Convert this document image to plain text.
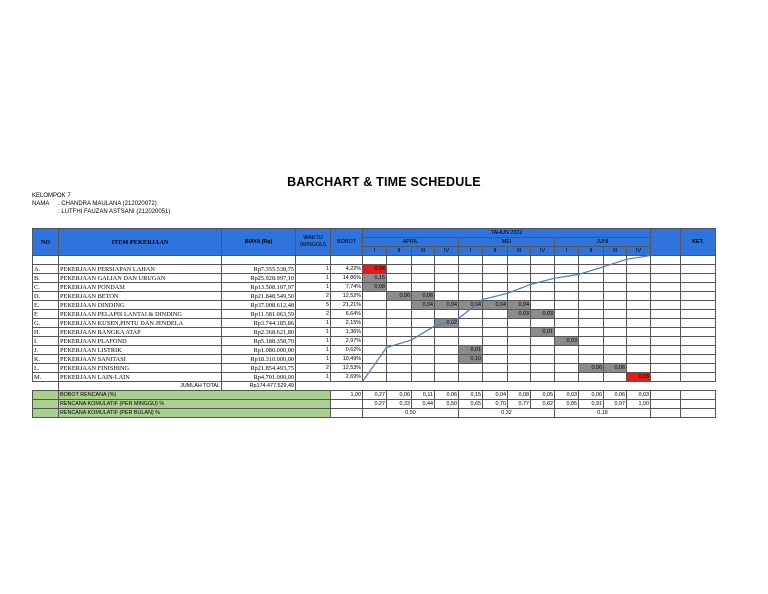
BARCHART & TIME SCHEDULE
KELOMPOK 7
NAMA : CHANDRA MAULANA (212020072)
: LUTFHI FAUZAN ASTSANI (212020051)
NO	ITEM PEKERJAAN	BIAYA (Rp)	WAKTU (MINGGU)	BOBOT	TAHUN 2022													KET.
					APRIL				MEI				JUNI					
					I	II	III	IV	I	II	III	IV	I	II	III	IV		

A.	PEKERJAAN PERSIAPAN LAHAN	Rp7.355.538,75	1	4,22%	0,04													
B.	PEKERJAAN GALIAN DAN URUGAN	Rp25.928.997,10	1	14,86%	0,15													
C.	PEKERJAAN PONDASI	Rp13.508.107,97	1	7,74%	0,08													
D.	PEKERJAAN BETON	Rp21.848.549,50	2	12,52%		0,06	0,06											
E.	PEKERJAAN DINDING	Rp37.008.612,48	5	21,21%			0,04	0,04	0,04	0,04	0,04							
F.	PEKERJAAN PELAPIS LANTAI & DINDING	Rp11.581.063,59	2	6,64%							0,03	0,03						
G.	PEKERJAAN KUSEN,PINTU DAN JENDELA	Rp3.744.185,86	1	2,15%				0,02										
H.	PEKERJAAN RANGKA ATAP	Rp2.368.621,80	1	1,36%								0,01						
I.	PEKERJAAN PLAFOND	Rp5.188.358,70	1	2,97%									0,03					
J.	PEKERJAAN LISTRIK	Rp1.080.000,00	1	0,62%					0,01									
K.	PEKERJAAN SANITASI	Rp18.310.000,00	1	10,49%					0,10									
L.	PEKERJAAN FINISHING	Rp21.854.493,75	2	12,53%										0,06	0,06			
M.	PEKERJAAN LAIN-LAIN	Rp4.701.000,00	1	2,69%												0,03		
	JUMLAH TOTAL	Rp174.477.529,49																
	BOBOT RENCANA (%)			1,00	0,27	0,06	0,11	0,06	0,15	0,04	0,08	0,05	0,03	0,06	0,06	0,03		
	RENCANA KOMULATIF (PER MINGGU) %				0,27	0,33	0,44	0,50	0,65	0,70	0,77	0,82	0,85	0,91	0,97	1,00		
	RENCANA KOMULATIF (PER BULAN) %				0,50				0,32				0,18					
